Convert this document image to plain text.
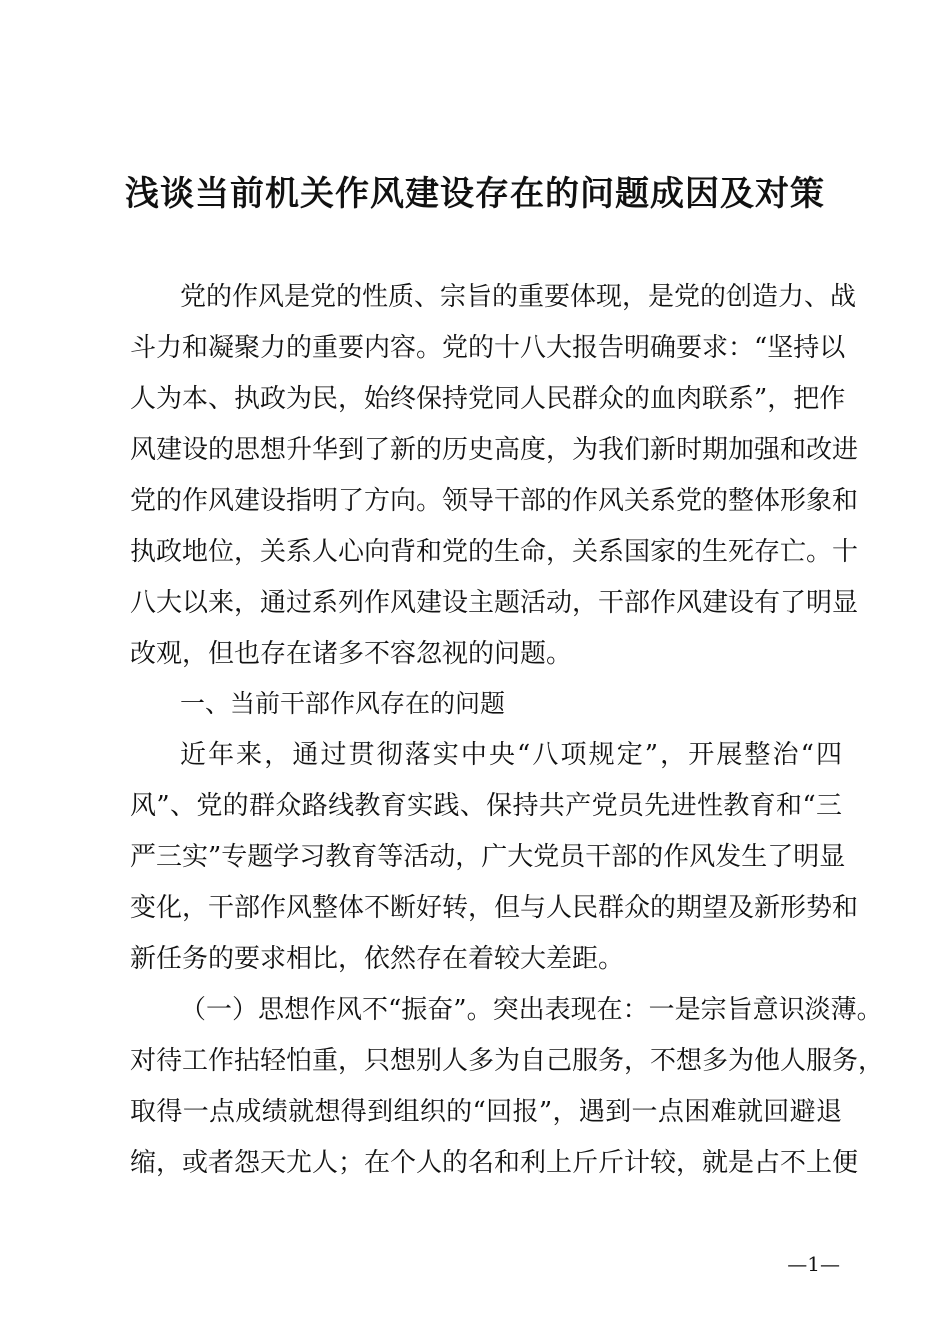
浅谈当前机关作风建设存在的问题成因及对策
党的作风是党的性质、宗旨的重要体现，是党的创造力、战
斗力和凝聚力的重要内容。党的十八大报告明确要求：“坚持以
人为本、执政为民，始终保持党同人民群众的血肉联系”，把作
风建设的思想升华到了新的历史高度，为我们新时期加强和改进
党的作风建设指明了方向。领导干部的作风关系党的整体形象和
执政地位，关系人心向背和党的生命，关系国家的生死存亡。十
八大以来，通过系列作风建设主题活动，干部作风建设有了明显
改观，但也存在诸多不容忽视的问题。
一、当前干部作风存在的问题
近年来，通过贯彻落实中央“八项规定”，开展整治“四
风”、党的群众路线教育实践、保持共产党员先进性教育和“三
严三实”专题学习教育等活动，广大党员干部的作风发生了明显
变化，干部作风整体不断好转，但与人民群众的期望及新形势和
新任务的要求相比，依然存在着较大差距。
（一）思想作风不“振奋”。突出表现在：一是宗旨意识淡薄。
对待工作拈轻怕重，只想别人多为自己服务，不想多为他人服务，
取得一点成绩就想得到组织的“回报”，遇到一点困难就回避退
缩，或者怨天尤人；在个人的名和利上斤斤计较，就是占不上便
—1—
